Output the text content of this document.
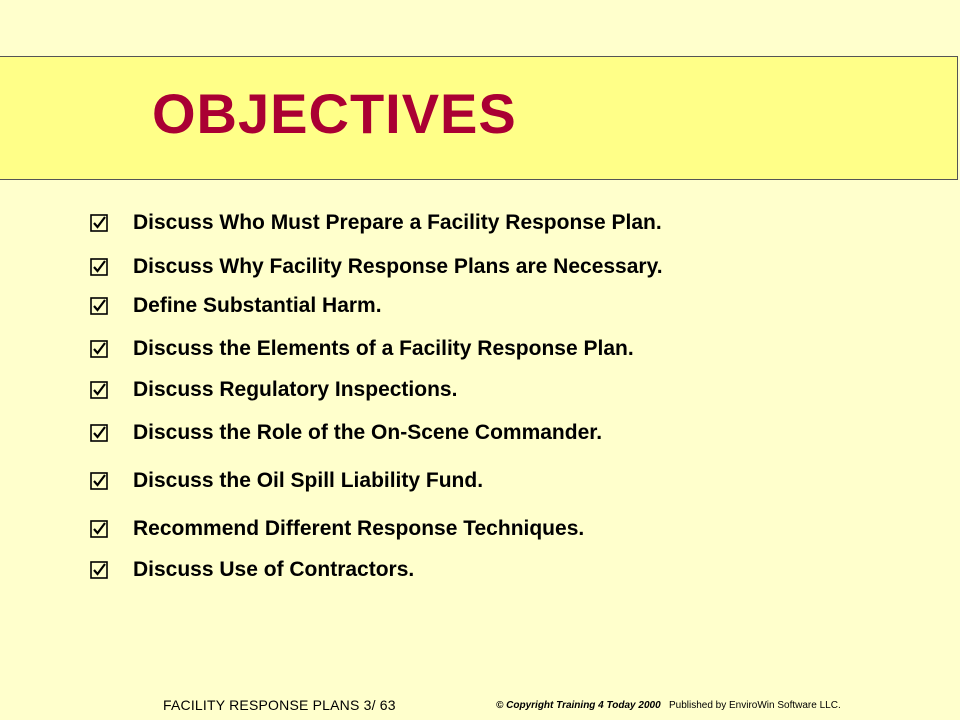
OBJECTIVES
Discuss Who Must Prepare a Facility Response Plan.
Discuss Why Facility Response Plans are Necessary.
Define Substantial Harm.
Discuss the Elements of a Facility Response Plan.
Discuss Regulatory Inspections.
Discuss the Role of the On-Scene Commander.
Discuss the Oil Spill Liability Fund.
Recommend Different Response Techniques.
Discuss Use of Contractors.
FACILITY RESPONSE PLANS 3/ 63	© Copyright Training 4 Today 2000 Published by EnviroWin Software LLC.
